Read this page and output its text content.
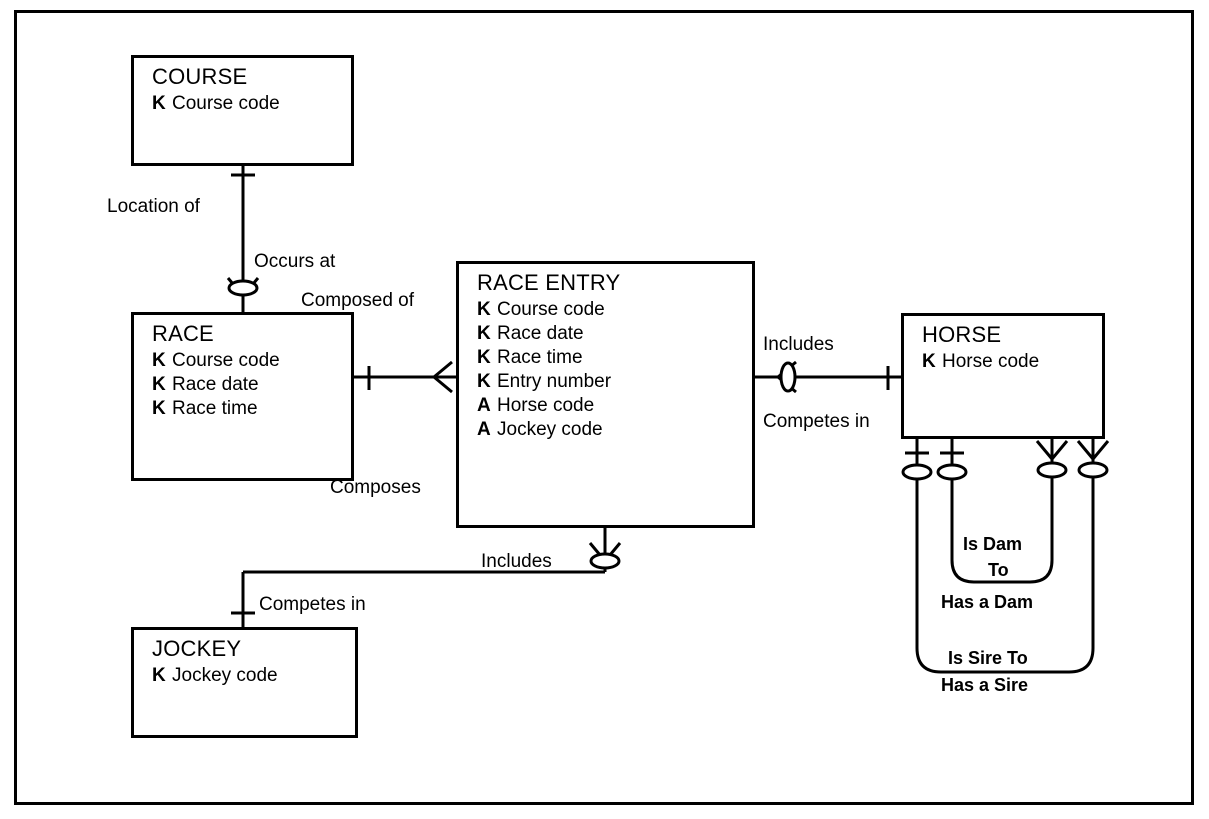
COURSE
K Course code
RACE
K Course code
K Race date
K Race time
RACE ENTRY
K Course code
K Race date
K Race time
K Entry number
A Horse code
A Jockey code
HORSE
K Horse code
JOCKEY
K Jockey code
Location of
Occurs at
Composed of
Composes
Includes
Competes in
Includes
Competes in
Is Dam
To
Has a Dam
Is Sire To
Has a Sire
